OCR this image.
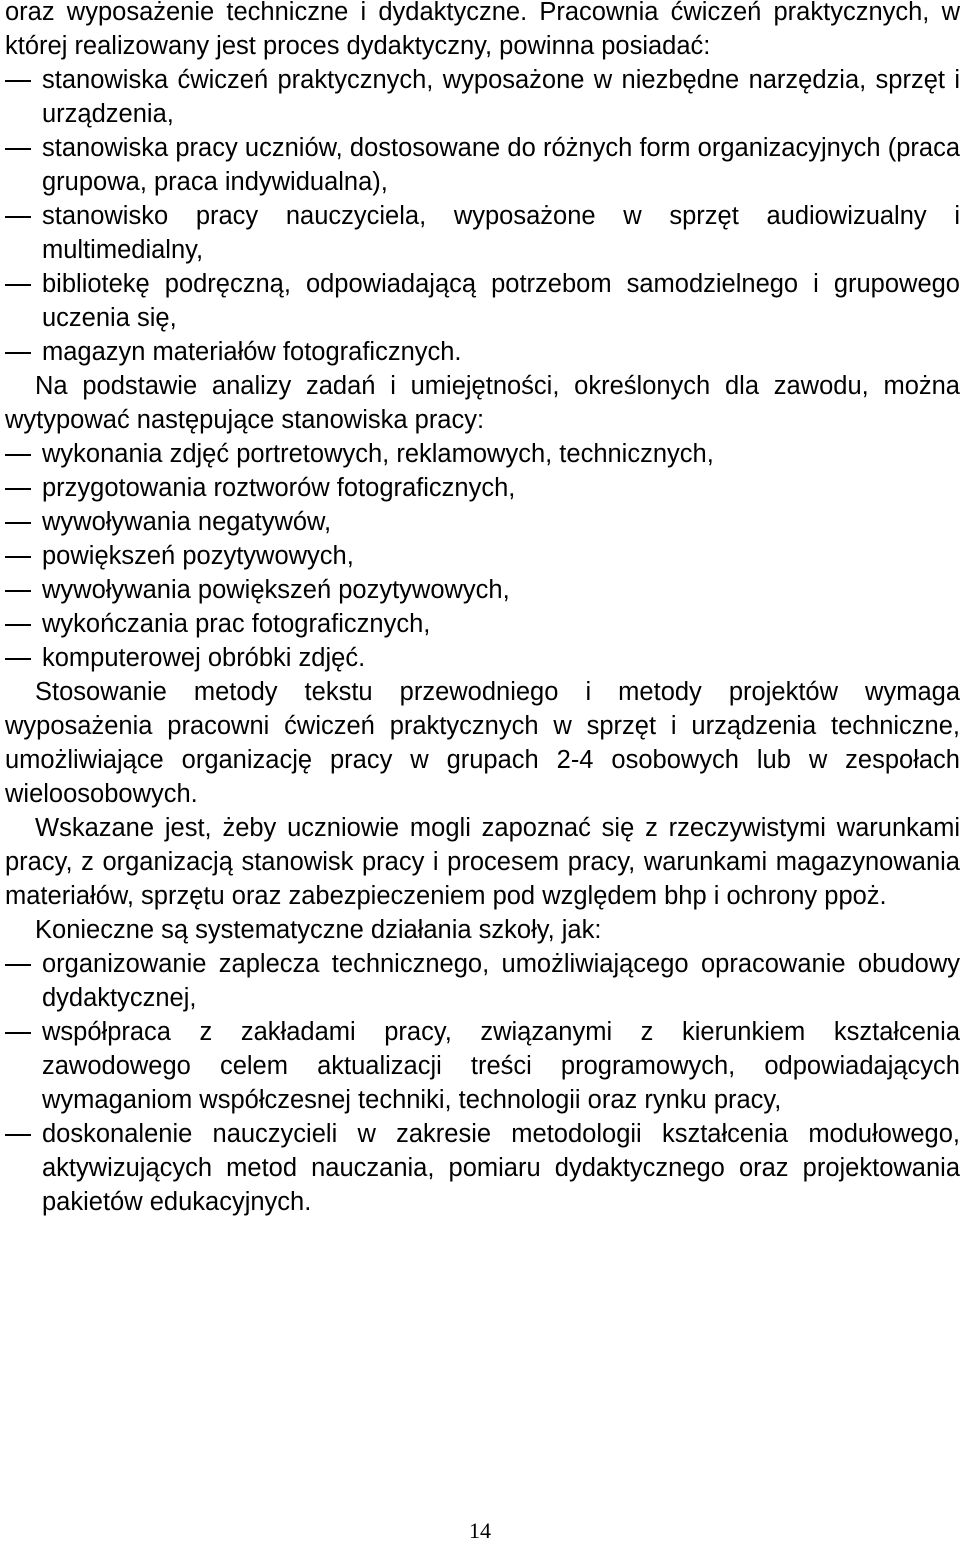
oraz wyposażenie techniczne i dydaktyczne. Pracownia ćwiczeń praktycznych, w której realizowany jest proces dydaktyczny, powinna posiadać:

stanowiska ćwiczeń praktycznych, wyposażone w niezbędne narzędzia, sprzęt i urządzenia,
stanowiska pracy uczniów, dostosowane do różnych form organizacyjnych (praca grupowa, praca indywidualna),
stanowisko pracy nauczyciela, wyposażone w sprzęt audiowizualny i multimedialny,
bibliotekę podręczną, odpowiadającą potrzebom samodzielnego i grupowego uczenia się,
magazyn materiałów fotograficznych.

Na podstawie analizy zadań i umiejętności, określonych dla zawodu, można wytypować następujące stanowiska pracy:

wykonania zdjęć portretowych, reklamowych, technicznych,
przygotowania roztworów fotograficznych,
wywoływania negatywów,
powiększeń pozytywowych,
wywoływania powiększeń pozytywowych,
wykończania prac fotograficznych,
komputerowej obróbki zdjęć.

Stosowanie metody tekstu przewodniego i metody projektów wymaga wyposażenia pracowni ćwiczeń praktycznych w sprzęt i urządzenia techniczne, umożliwiające organizację pracy w grupach 2-4 osobowych lub w zespołach wieloosobowych.

Wskazane jest, żeby uczniowie mogli zapoznać się z rzeczywistymi warunkami pracy, z organizacją stanowisk pracy i procesem pracy, warunkami magazynowania materiałów, sprzętu oraz zabezpieczeniem pod względem bhp i ochrony ppoż.

Konieczne są systematyczne działania szkoły, jak:

organizowanie zaplecza technicznego, umożliwiającego opracowanie obudowy dydaktycznej,
współpraca z zakładami pracy, związanymi z kierunkiem kształcenia zawodowego celem aktualizacji treści programowych, odpowiadających wymaganiom współczesnej techniki, technologii oraz rynku pracy,
doskonalenie nauczycieli w zakresie metodologii kształcenia modułowego, aktywizujących metod nauczania, pomiaru dydaktycznego oraz projektowania pakietów edukacyjnych.
14
